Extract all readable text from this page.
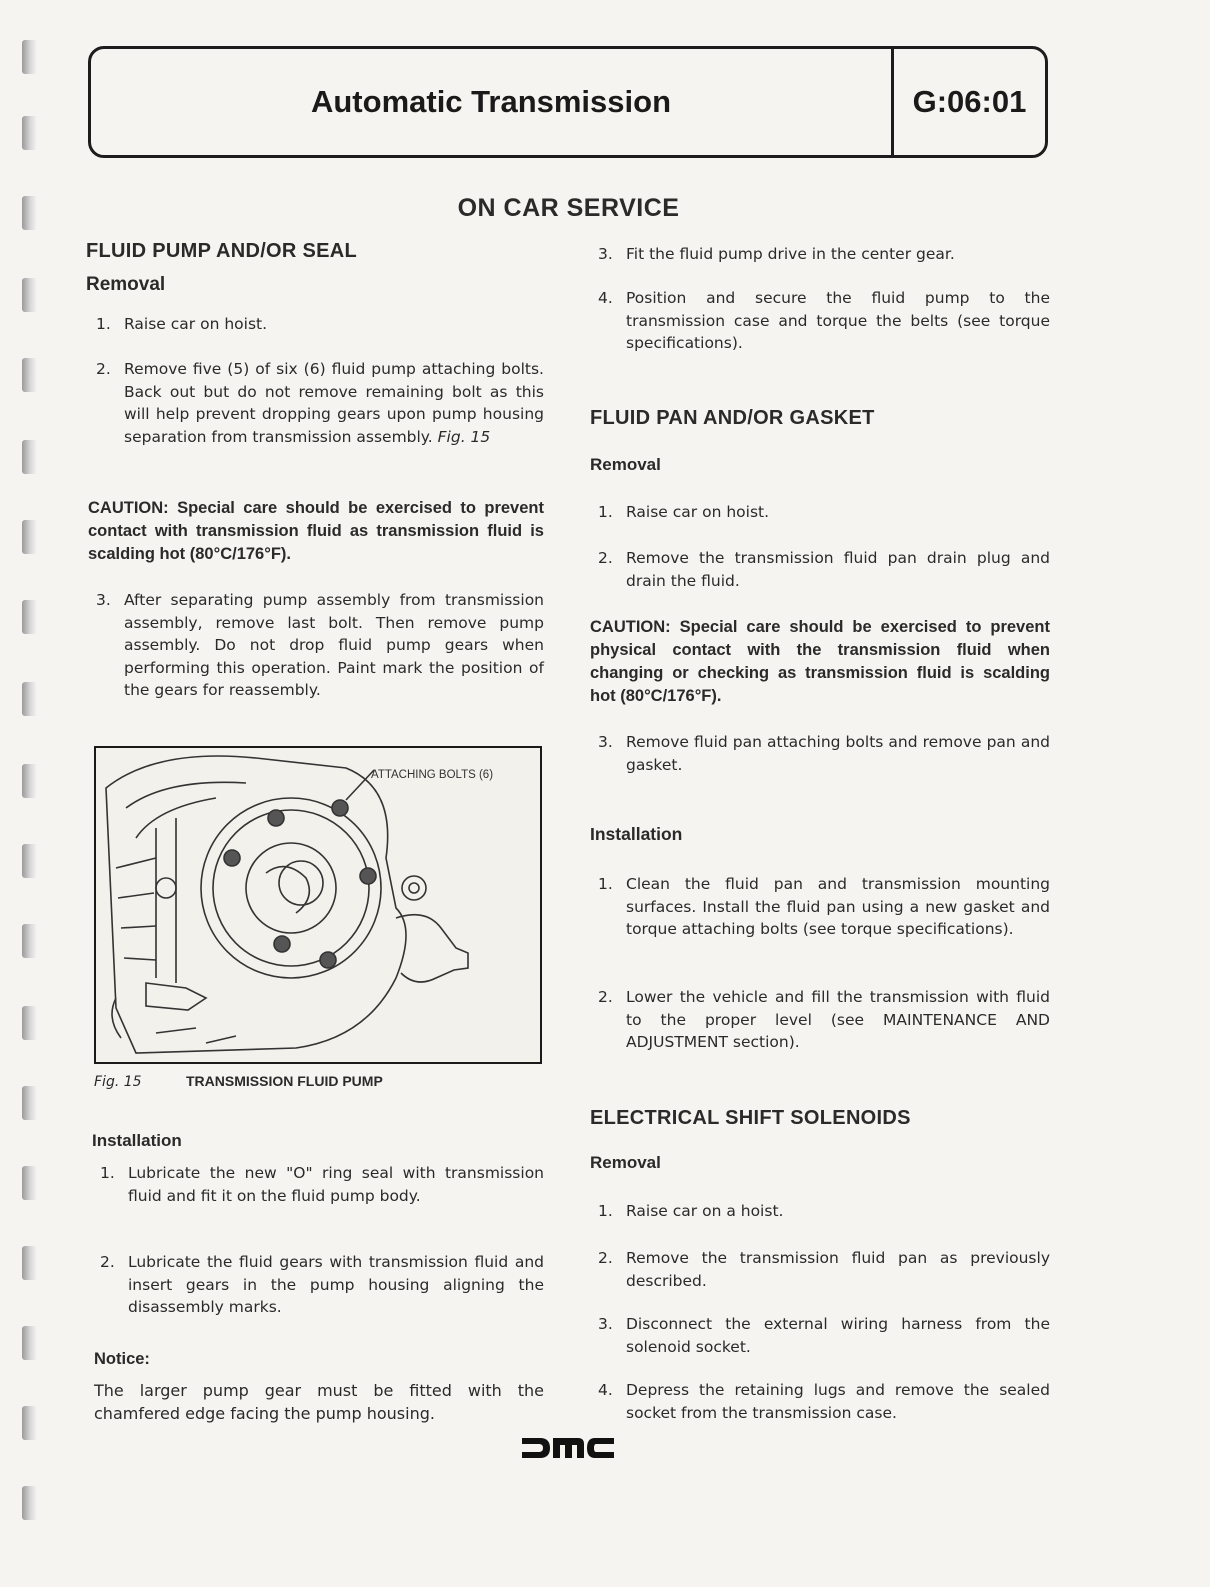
Automatic Transmission	G:06:01
ON CAR SERVICE
FLUID PUMP AND/OR SEAL
Removal
1. Raise car on hoist.
2. Remove five (5) of six (6) fluid pump attaching bolts. Back out but do not remove remaining bolt as this will help prevent dropping gears upon pump housing separation from transmission assembly. Fig. 15
CAUTION: Special care should be exercised to prevent contact with transmission fluid as transmission fluid is scalding hot (80°C/176°F).
3. After separating pump assembly from transmission assembly, remove last bolt. Then remove pump assembly. Do not drop fluid pump gears when performing this operation. Paint mark the position of the gears for reassembly.
ATTACHING BOLTS (6)
Fig. 15	TRANSMISSION FLUID PUMP
Installation
1. Lubricate the new "O" ring seal with transmission fluid and fit it on the fluid pump body.
2. Lubricate the fluid gears with transmission fluid and insert gears in the pump housing aligning the disassembly marks.
Notice:
The larger pump gear must be fitted with the chamfered edge facing the pump housing.
3. Fit the fluid pump drive in the center gear.
4. Position and secure the fluid pump to the transmission case and torque the belts (see torque specifications).
FLUID PAN AND/OR GASKET
Removal
1. Raise car on hoist.
2. Remove the transmission fluid pan drain plug and drain the fluid.
CAUTION: Special care should be exercised to prevent physical contact with the transmission fluid when changing or checking as transmission fluid is scalding hot (80°C/176°F).
3. Remove fluid pan attaching bolts and remove pan and gasket.
Installation
1. Clean the fluid pan and transmission mounting surfaces. Install the fluid pan using a new gasket and torque attaching bolts (see torque specifications).
2. Lower the vehicle and fill the transmission with fluid to the proper level (see MAINTENANCE AND ADJUSTMENT section).
ELECTRICAL SHIFT SOLENOIDS
Removal
1. Raise car on a hoist.
2. Remove the transmission fluid pan as previously described.
3. Disconnect the external wiring harness from the solenoid socket.
4. Depress the retaining lugs and remove the sealed socket from the transmission case.
